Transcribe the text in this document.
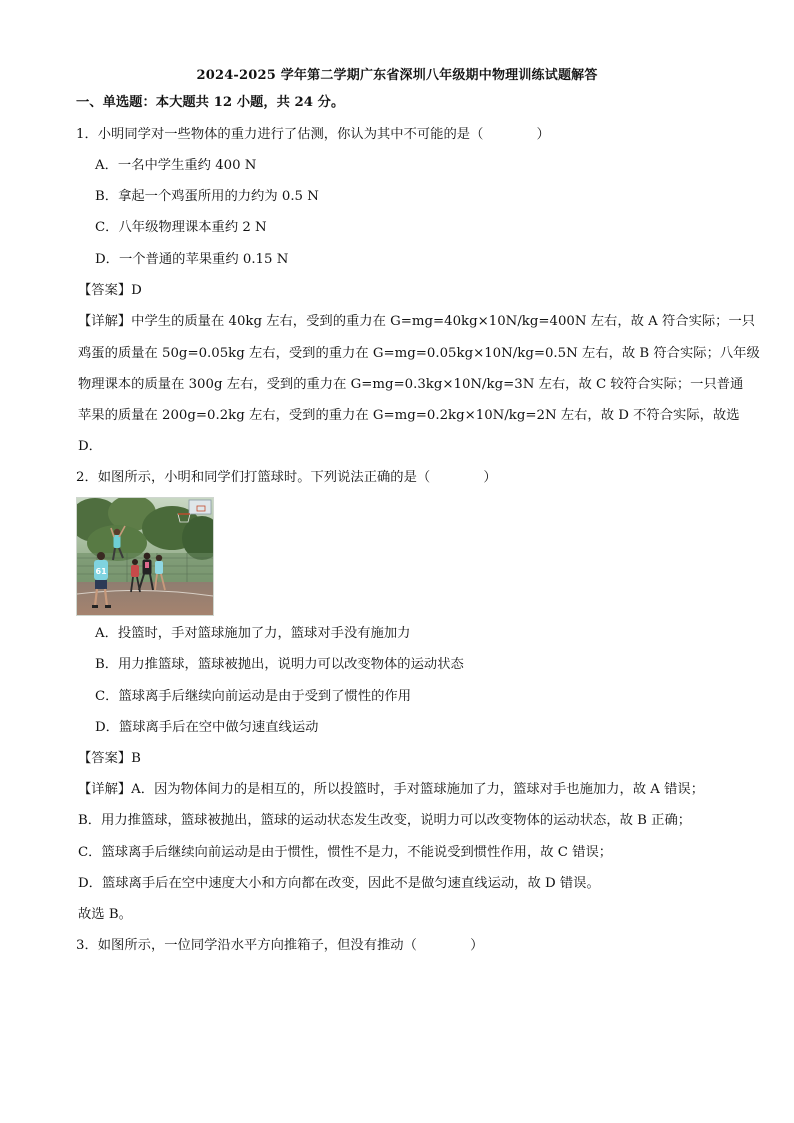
2024-2025 学年第二学期广东省深圳八年级期中物理训练试题解答
一、单选题：本大题共 12 小题，共 24 分。
1．小明同学对一些物体的重力进行了估测，你认为其中不可能的是（　　　　）
A．一名中学生重约 400 N
B．拿起一个鸡蛋所用的力约为 0.5 N
C．八年级物理课本重约 2 N
D．一个普通的苹果重约 0.15 N
【答案】D
【详解】中学生的质量在 40kg 左右，受到的重力在 G=mg=40kg×10N/kg=400N 左右，故 A 符合实际；一只
鸡蛋的质量在 50g=0.05kg 左右，受到的重力在 G=mg=0.05kg×10N/kg=0.5N 左右，故 B 符合实际；八年级
物理课本的质量在 300g 左右，受到的重力在 G=mg=0.3kg×10N/kg=3N 左右，故 C 较符合实际；一只普通
苹果的质量在 200g=0.2kg 左右，受到的重力在 G=mg=0.2kg×10N/kg=2N 左右，故 D 不符合实际，故选
D．
2．如图所示，小明和同学们打篮球时。下列说法正确的是（　　　　）
61
A．投篮时，手对篮球施加了力，篮球对手没有施加力
B．用力推篮球，篮球被抛出，说明力可以改变物体的运动状态
C．篮球离手后继续向前运动是由于受到了惯性的作用
D．篮球离手后在空中做匀速直线运动
【答案】B
【详解】A．因为物体间力的是相互的，所以投篮时，手对篮球施加了力，篮球对手也施加力，故 A 错误；
B．用力推篮球，篮球被抛出，篮球的运动状态发生改变，说明力可以改变物体的运动状态，故 B 正确；
C．篮球离手后继续向前运动是由于惯性，惯性不是力，不能说受到惯性作用，故 C 错误；
D．篮球离手后在空中速度大小和方向都在改变，因此不是做匀速直线运动，故 D 错误。
故选 B。
3．如图所示，一位同学沿水平方向推箱子，但没有推动（　　　　）
